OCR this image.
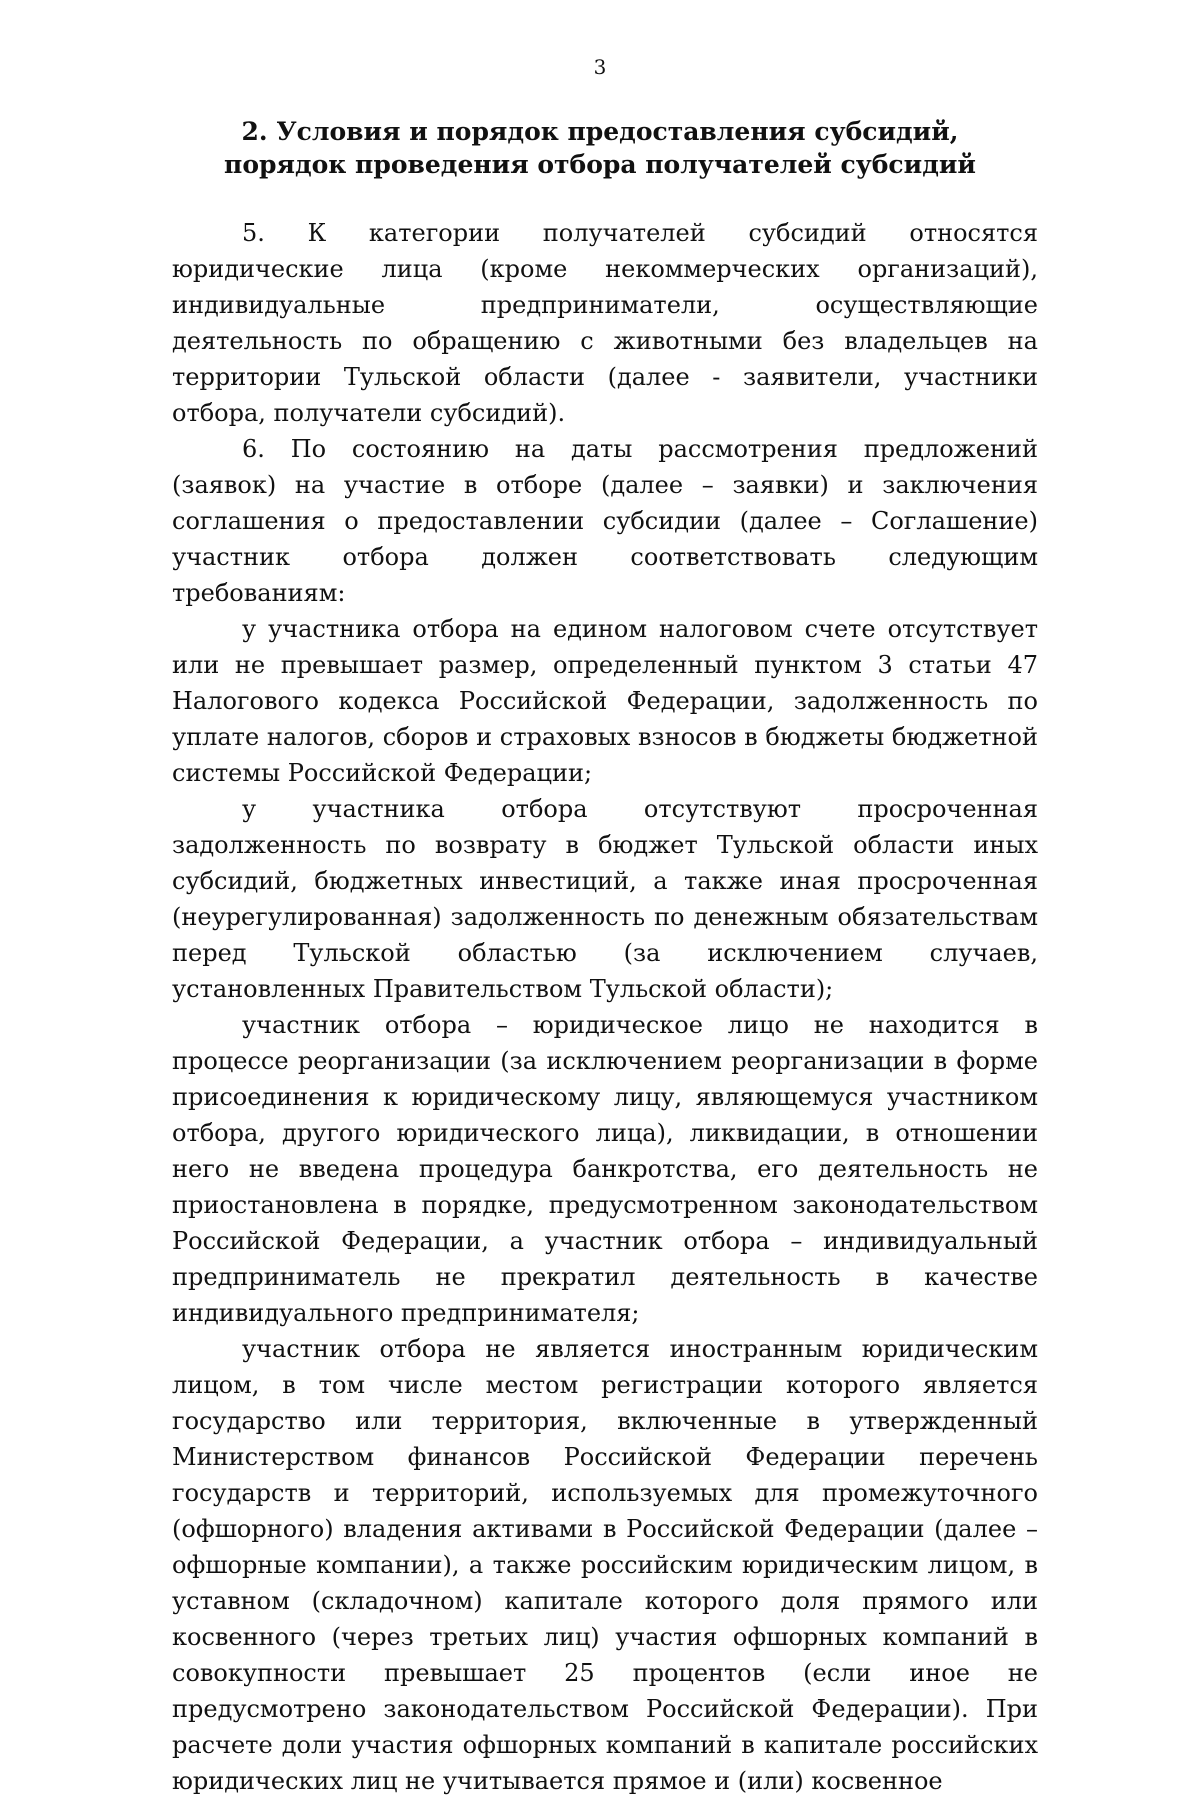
3
2. Условия и порядок предоставления субсидий,
порядок проведения отбора получателей субсидий

5. К категории получателей субсидий относятся юридические лица (кроме некоммерческих организаций), индивидуальные предприниматели, осуществляющие деятельность по обращению с животными без владельцев на территории Тульской области (далее - заявители, участники отбора, получатели субсидий).

6. По состоянию на даты рассмотрения предложений (заявок) на участие в отборе (далее – заявки) и заключения соглашения о предоставлении субсидии (далее – Соглашение) участник отбора должен соответствовать следующим требованиям:

у участника отбора на едином налоговом счете отсутствует или не превышает размер, определенный пунктом 3 статьи 47 Налогового кодекса Российской Федерации, задолженность по уплате налогов, сборов и страховых взносов в бюджеты бюджетной системы Российской Федерации;

у участника отбора отсутствуют просроченная задолженность по возврату в бюджет Тульской области иных субсидий, бюджетных инвестиций, а также иная просроченная (неурегулированная) задолженность по денежным обязательствам перед Тульской областью (за исключением случаев, установленных Правительством Тульской области);

участник отбора – юридическое лицо не находится в процессе реорганизации (за исключением реорганизации в форме присоединения к юридическому лицу, являющемуся участником отбора, другого юридического лица), ликвидации, в отношении него не введена процедура банкротства, его деятельность не приостановлена в порядке, предусмотренном законодательством Российской Федерации, а участник отбора – индивидуальный предприниматель не прекратил деятельность в качестве индивидуального предпринимателя;

участник отбора не является иностранным юридическим лицом, в том числе местом регистрации которого является государство или территория, включенные в утвержденный Министерством финансов Российской Федерации перечень государств и территорий, используемых для промежуточного (офшорного) владения активами в Российской Федерации (далее – офшорные компании), а также российским юридическим лицом, в уставном (складочном) капитале которого доля прямого или косвенного (через третьих лиц) участия офшорных компаний в совокупности превышает 25 процентов (если иное не предусмотрено законодательством Российской Федерации). При расчете доли участия офшорных компаний в капитале российских юридических лиц не учитывается прямое и (или) косвенное
